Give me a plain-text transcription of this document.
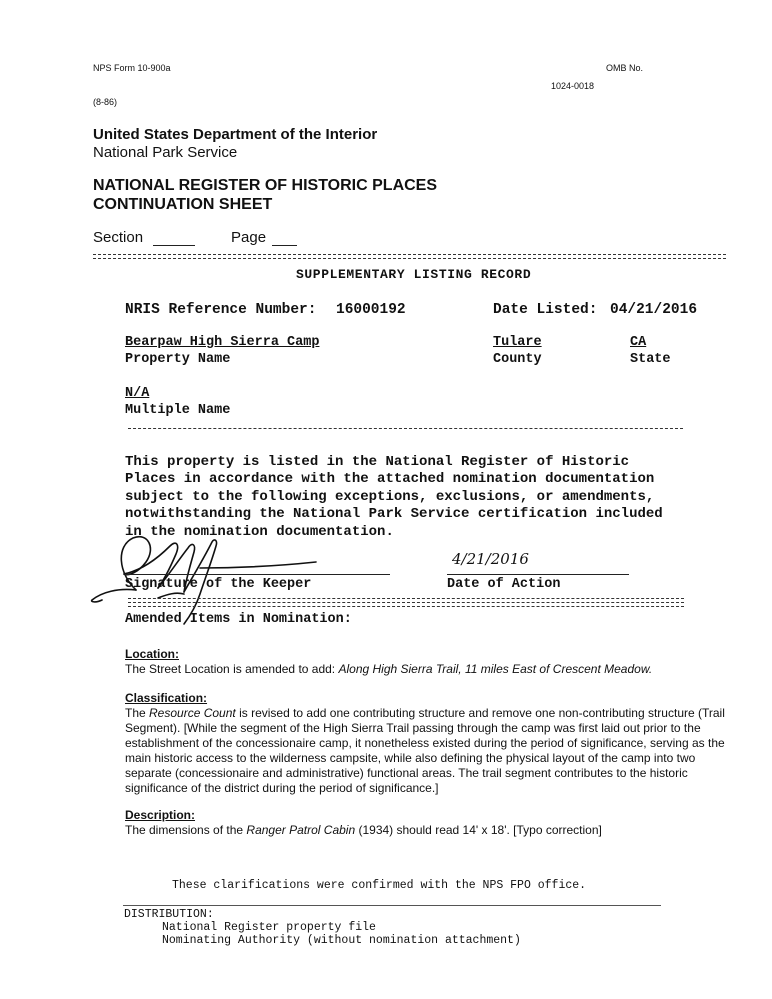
NPS Form 10-900a	OMB No.
1024-0018
(8-86)
United States Department of the Interior
National Park Service
NATIONAL REGISTER OF HISTORIC PLACES
CONTINUATION SHEET
Section	Page
SUPPLEMENTARY LISTING RECORD
NRIS Reference Number: 16000192	Date Listed: 04/21/2016
Bearpaw High Sierra Camp
Property Name
Tulare
County
CA
State
N/A
Multiple Name

This property is listed in the National Register of Historic
Places in accordance with the attached nomination documentation
subject to the following exceptions, exclusions, or amendments,
notwithstanding the National Park Service certification included
in the nomination documentation.

Signature of the Keeper
4/21/2016
Date of Action
Amended Items in Nomination:
Location:
The Street Location is amended to add: Along High Sierra Trail, 11 miles East of Crescent Meadow.
Classification:
The Resource Count is revised to add one contributing structure and remove one non-contributing structure (Trail Segment). [While the segment of the High Sierra Trail passing through the camp was first laid out prior to the establishment of the concessionaire camp, it nonetheless existed during the period of significance, serving as the main historic access to the wilderness campsite, while also defining the physical layout of the camp into two separate (concessionaire and administrative) functional areas. The trail segment contributes to the historic significance of the district during the period of significance.]
Description:
The dimensions of the Ranger Patrol Cabin (1934) should read 14' x 18'. [Typo correction]
These clarifications were confirmed with the NPS FPO office.
DISTRIBUTION:
National Register property file
Nominating Authority (without nomination attachment)
